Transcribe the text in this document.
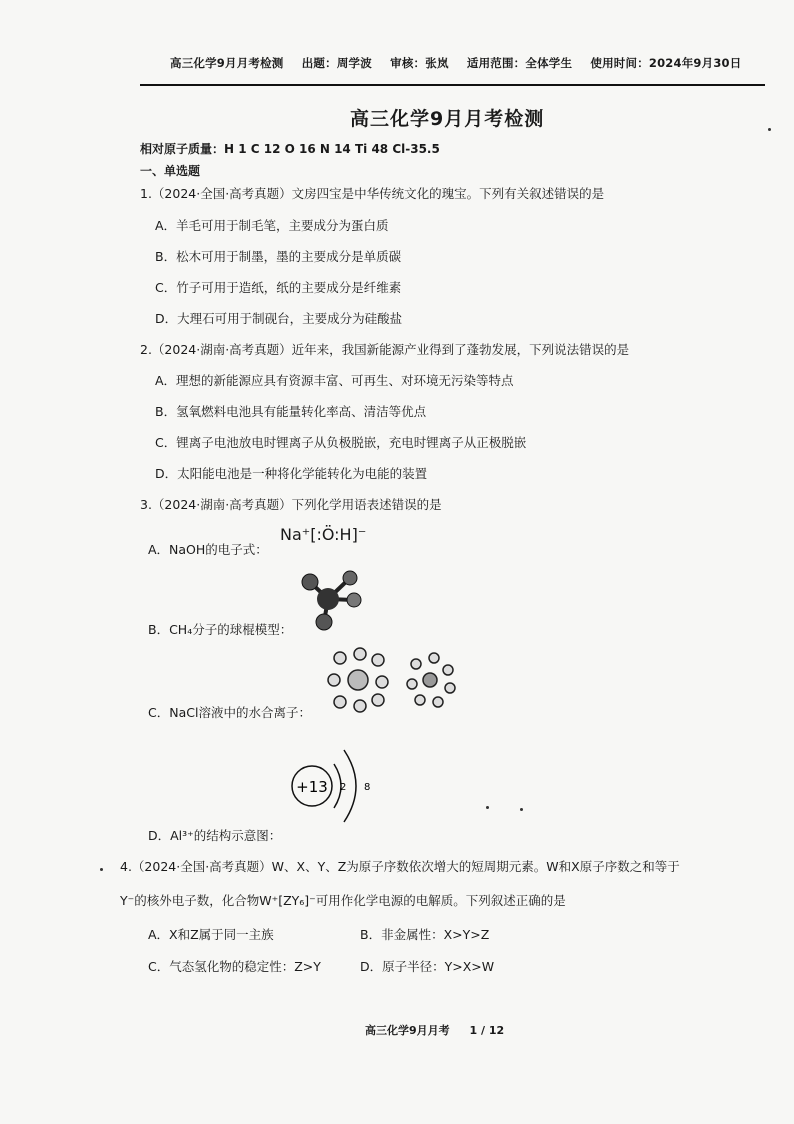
高三化学9月月考检测 出题：周学波 审核：张岚 适用范围：全体学生 使用时间：2024年9月30日
高三化学9月月考检测
相对原子质量：H 1 C 12 O 16 N 14 Ti 48 Cl-35.5
一、单选题
1.（2024·全国·高考真题）文房四宝是中华传统文化的瑰宝。下列有关叙述错误的是
A．羊毛可用于制毛笔，主要成分为蛋白质
B．松木可用于制墨，墨的主要成分是单质碳
C．竹子可用于造纸，纸的主要成分是纤维素
D．大理石可用于制砚台，主要成分为硅酸盐
2.（2024·湖南·高考真题）近年来，我国新能源产业得到了蓬勃发展，下列说法错误的是
A．理想的新能源应具有资源丰富、可再生、对环境无污染等特点
B．氢氧燃料电池具有能量转化率高、清洁等优点
C．锂离子电池放电时锂离子从负极脱嵌，充电时锂离子从正极脱嵌
D．太阳能电池是一种将化学能转化为电能的装置
3.（2024·湖南·高考真题）下列化学用语表述错误的是
A．NaOH的电子式：
Na⁺[:Ö:H]⁻
B．CH₄分子的球棍模型：
C．NaCl溶液中的水合离子：
+13 2 8
D．Al³⁺的结构示意图：
4.（2024·全国·高考真题）W、X、Y、Z为原子序数依次增大的短周期元素。W和X原子序数之和等于
Y⁻的核外电子数，化合物W⁺[ZY₆]⁻可用作化学电源的电解质。下列叙述正确的是
A．X和Z属于同一主族	B．非金属性：X>Y>Z
C．气态氢化物的稳定性：Z>Y	D．原子半径：Y>X>W
高三化学9月月考 1 / 12
